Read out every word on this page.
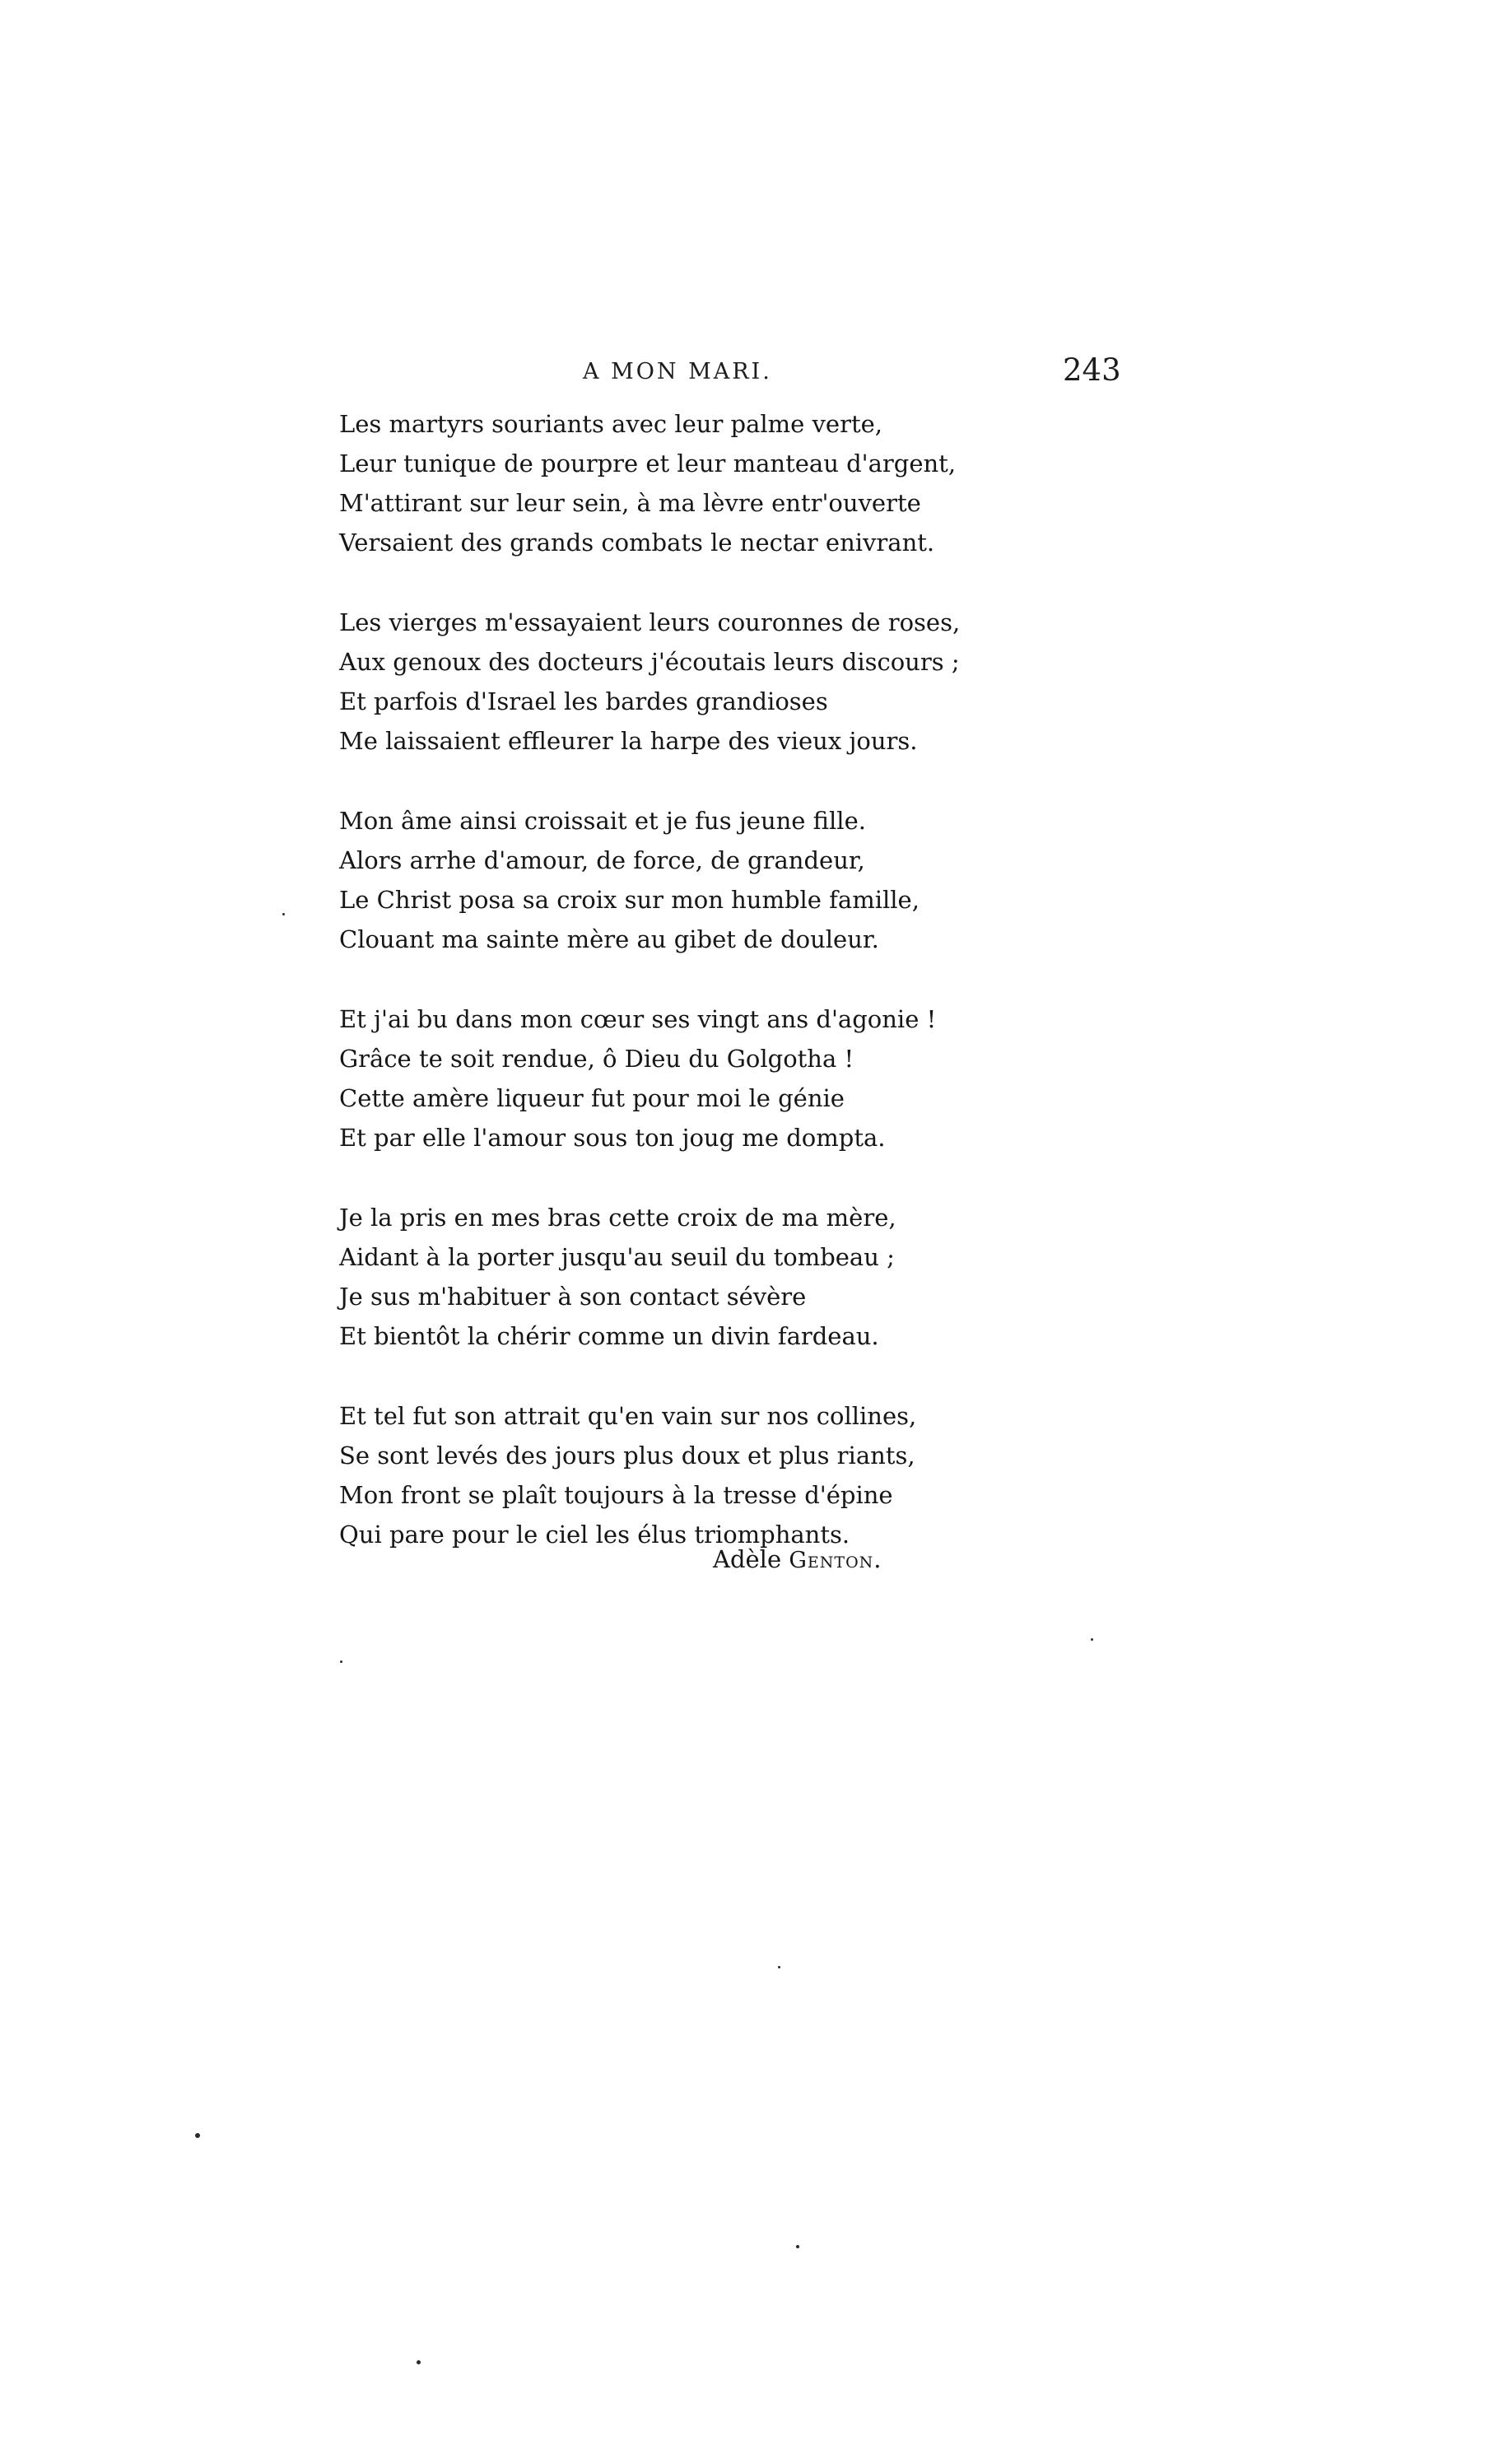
A MON MARI.	243
Les martyrs souriants avec leur palme verte,
Leur tunique de pourpre et leur manteau d'argent,
M'attirant sur leur sein, à ma lèvre entr'ouverte
Versaient des grands combats le nectar enivrant.
Les vierges m'essayaient leurs couronnes de roses,
Aux genoux des docteurs j'écoutais leurs discours ;
Et parfois d'Israel les bardes grandioses
Me laissaient effleurer la harpe des vieux jours.
Mon âme ainsi croissait et je fus jeune fille.
Alors arrhe d'amour, de force, de grandeur,
Le Christ posa sa croix sur mon humble famille,
Clouant ma sainte mère au gibet de douleur.
Et j'ai bu dans mon cœur ses vingt ans d'agonie !
Grâce te soit rendue, ô Dieu du Golgotha !
Cette amère liqueur fut pour moi le génie
Et par elle l'amour sous ton joug me dompta.
Je la pris en mes bras cette croix de ma mère,
Aidant à la porter jusqu'au seuil du tombeau ;
Je sus m'habituer à son contact sévère
Et bientôt la chérir comme un divin fardeau.
Et tel fut son attrait qu'en vain sur nos collines,
Se sont levés des jours plus doux et plus riants,
Mon front se plaît toujours à la tresse d'épine
Qui pare pour le ciel les élus triomphants.
Adèle Genton.
